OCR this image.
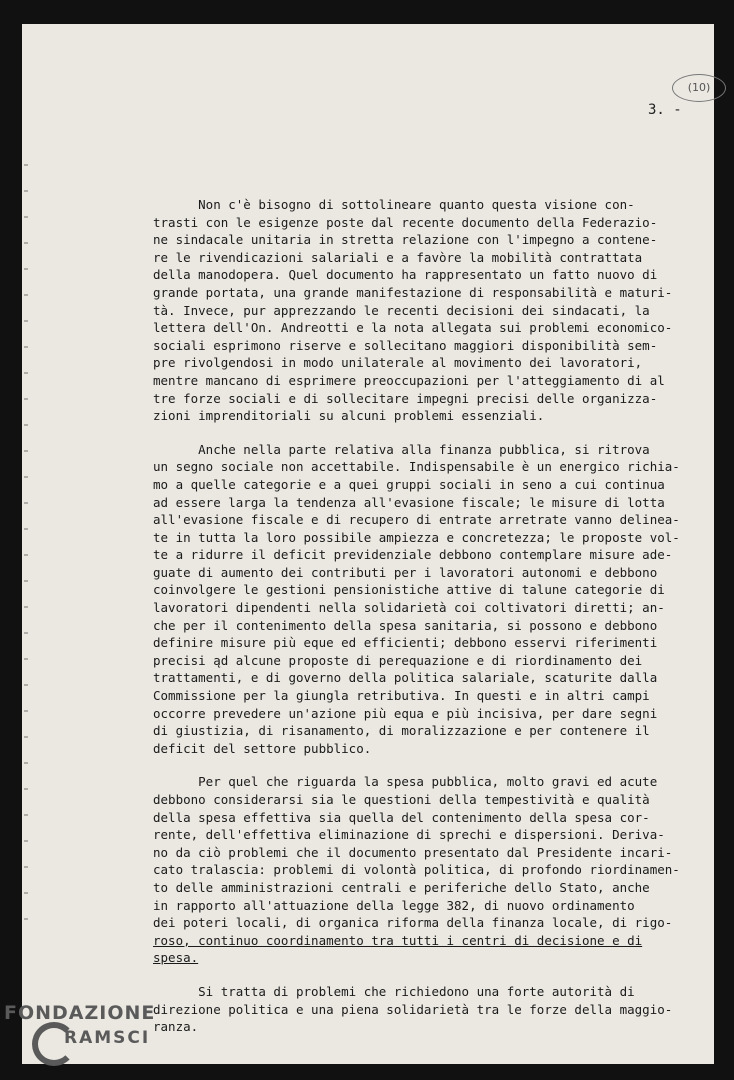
(10)
3. -

Non c'è bisogno di sottolineare quanto questa visione con-
trasti con le esigenze poste dal recente documento della Federazio-
ne sindacale unitaria in stretta relazione con l'impegno a contene-
re le rivendicazioni salariali e a favòre la mobilità contrattata
della manodopera. Quel documento ha rappresentato un fatto nuovo di
grande portata, una grande manifestazione di responsabilità e maturi-
tà. Invece, pur apprezzando le recenti decisioni dei sindacati, la
lettera dell'On. Andreotti e la nota allegata sui problemi economico-
sociali esprimono riserve e sollecitano maggiori disponibilità sem-
pre rivolgendosi in modo unilaterale al movimento dei lavoratori,
mentre mancano di esprimere preoccupazioni per l'atteggiamento di al
tre forze sociali e di sollecitare impegni precisi delle organizza-
zioni imprenditoriali su alcuni problemi essenziali.

Anche nella parte relativa alla finanza pubblica, si ritrova
un segno sociale non accettabile. Indispensabile è un energico richia-
mo a quelle categorie e a quei gruppi sociali in seno a cui continua
ad essere larga la tendenza all'evasione fiscale; le misure di lotta
all'evasione fiscale e di recupero di entrate arretrate vanno delinea-
te in tutta la loro possibile ampiezza e concretezza; le proposte vol-
te a ridurre il deficit previdenziale debbono contemplare misure ade-
guate di aumento dei contributi per i lavoratori autonomi e debbono
coinvolgere le gestioni pensionistiche attive di talune categorie di
lavoratori dipendenti nella solidarietà coi coltivatori diretti; an-
che per il contenimento della spesa sanitaria, si possono e debbono
definire misure più eque ed efficienti; debbono esservi riferimenti
precisi ąd alcune proposte di perequazione e di riordinamento dei
trattamenti, e di governo della politica salariale, scaturite dalla
Commissione per la giungla retributiva. In questi e in altri campi
occorre prevedere un'azione più equa e più incisiva, per dare segni
di giustizia, di risanamento, di moralizzazione e per contenere il
deficit del settore pubblico.

Per quel che riguarda la spesa pubblica, molto gravi ed acute
debbono considerarsi sia le questioni della tempestività e qualità
della spesa effettiva sia quella del contenimento della spesa cor-
rente, dell'effettiva eliminazione di sprechi e dispersioni. Deriva-
no da ciò problemi che il documento presentato dal Presidente incari-
cato tralascia: problemi di volontà politica, di profondo riordinamen-
to delle amministrazioni centrali e periferiche dello Stato, anche
in rapporto all'attuazione della legge 382, di nuovo ordinamento
dei poteri locali, di organica riforma della finanza locale, di rigo-
roso, continuo coordinamento tra tutti i centri di decisione e di
spesa.

Si tratta di problemi che richiedono una forte autorità di
direzione politica e una piena solidarietà tra le forze della maggio-
ranza.

FONDAZIONE
RAMSCI
